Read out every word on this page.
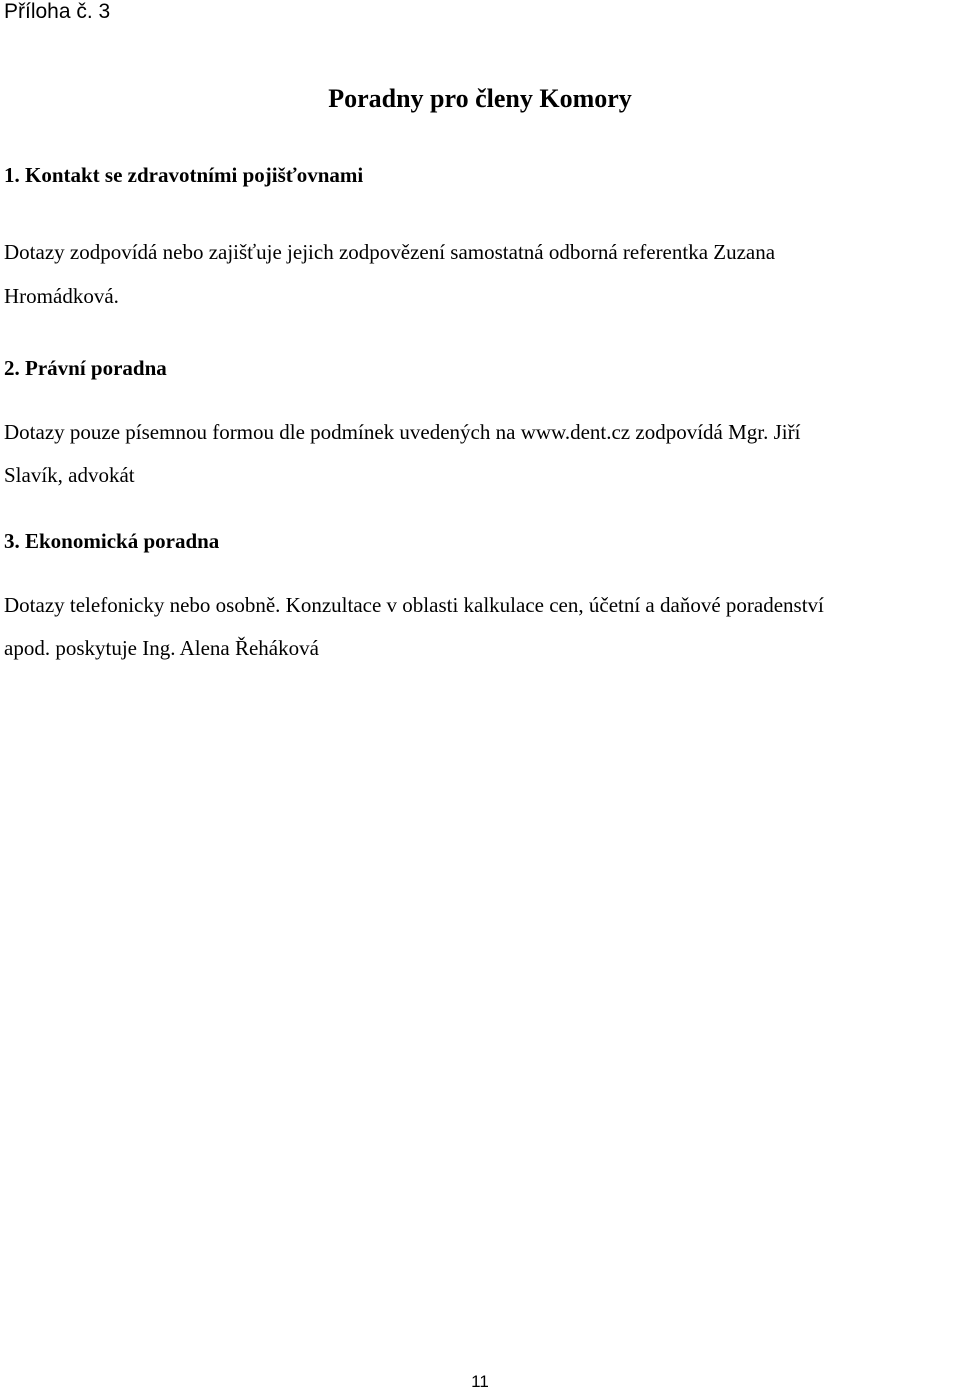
Příloha č. 3
Poradny pro členy Komory
1. Kontakt se zdravotními pojišťovnami
Dotazy zodpovídá nebo zajišťuje jejich zodpovězení samostatná odborná referentka Zuzana
Hromádková.
2. Právní poradna
Dotazy pouze písemnou formou dle podmínek uvedených na www.dent.cz zodpovídá Mgr. Jiří
Slavík, advokát
3. Ekonomická poradna
Dotazy telefonicky nebo osobně. Konzultace v oblasti kalkulace cen, účetní a daňové poradenství
apod. poskytuje Ing. Alena Řeháková
11
